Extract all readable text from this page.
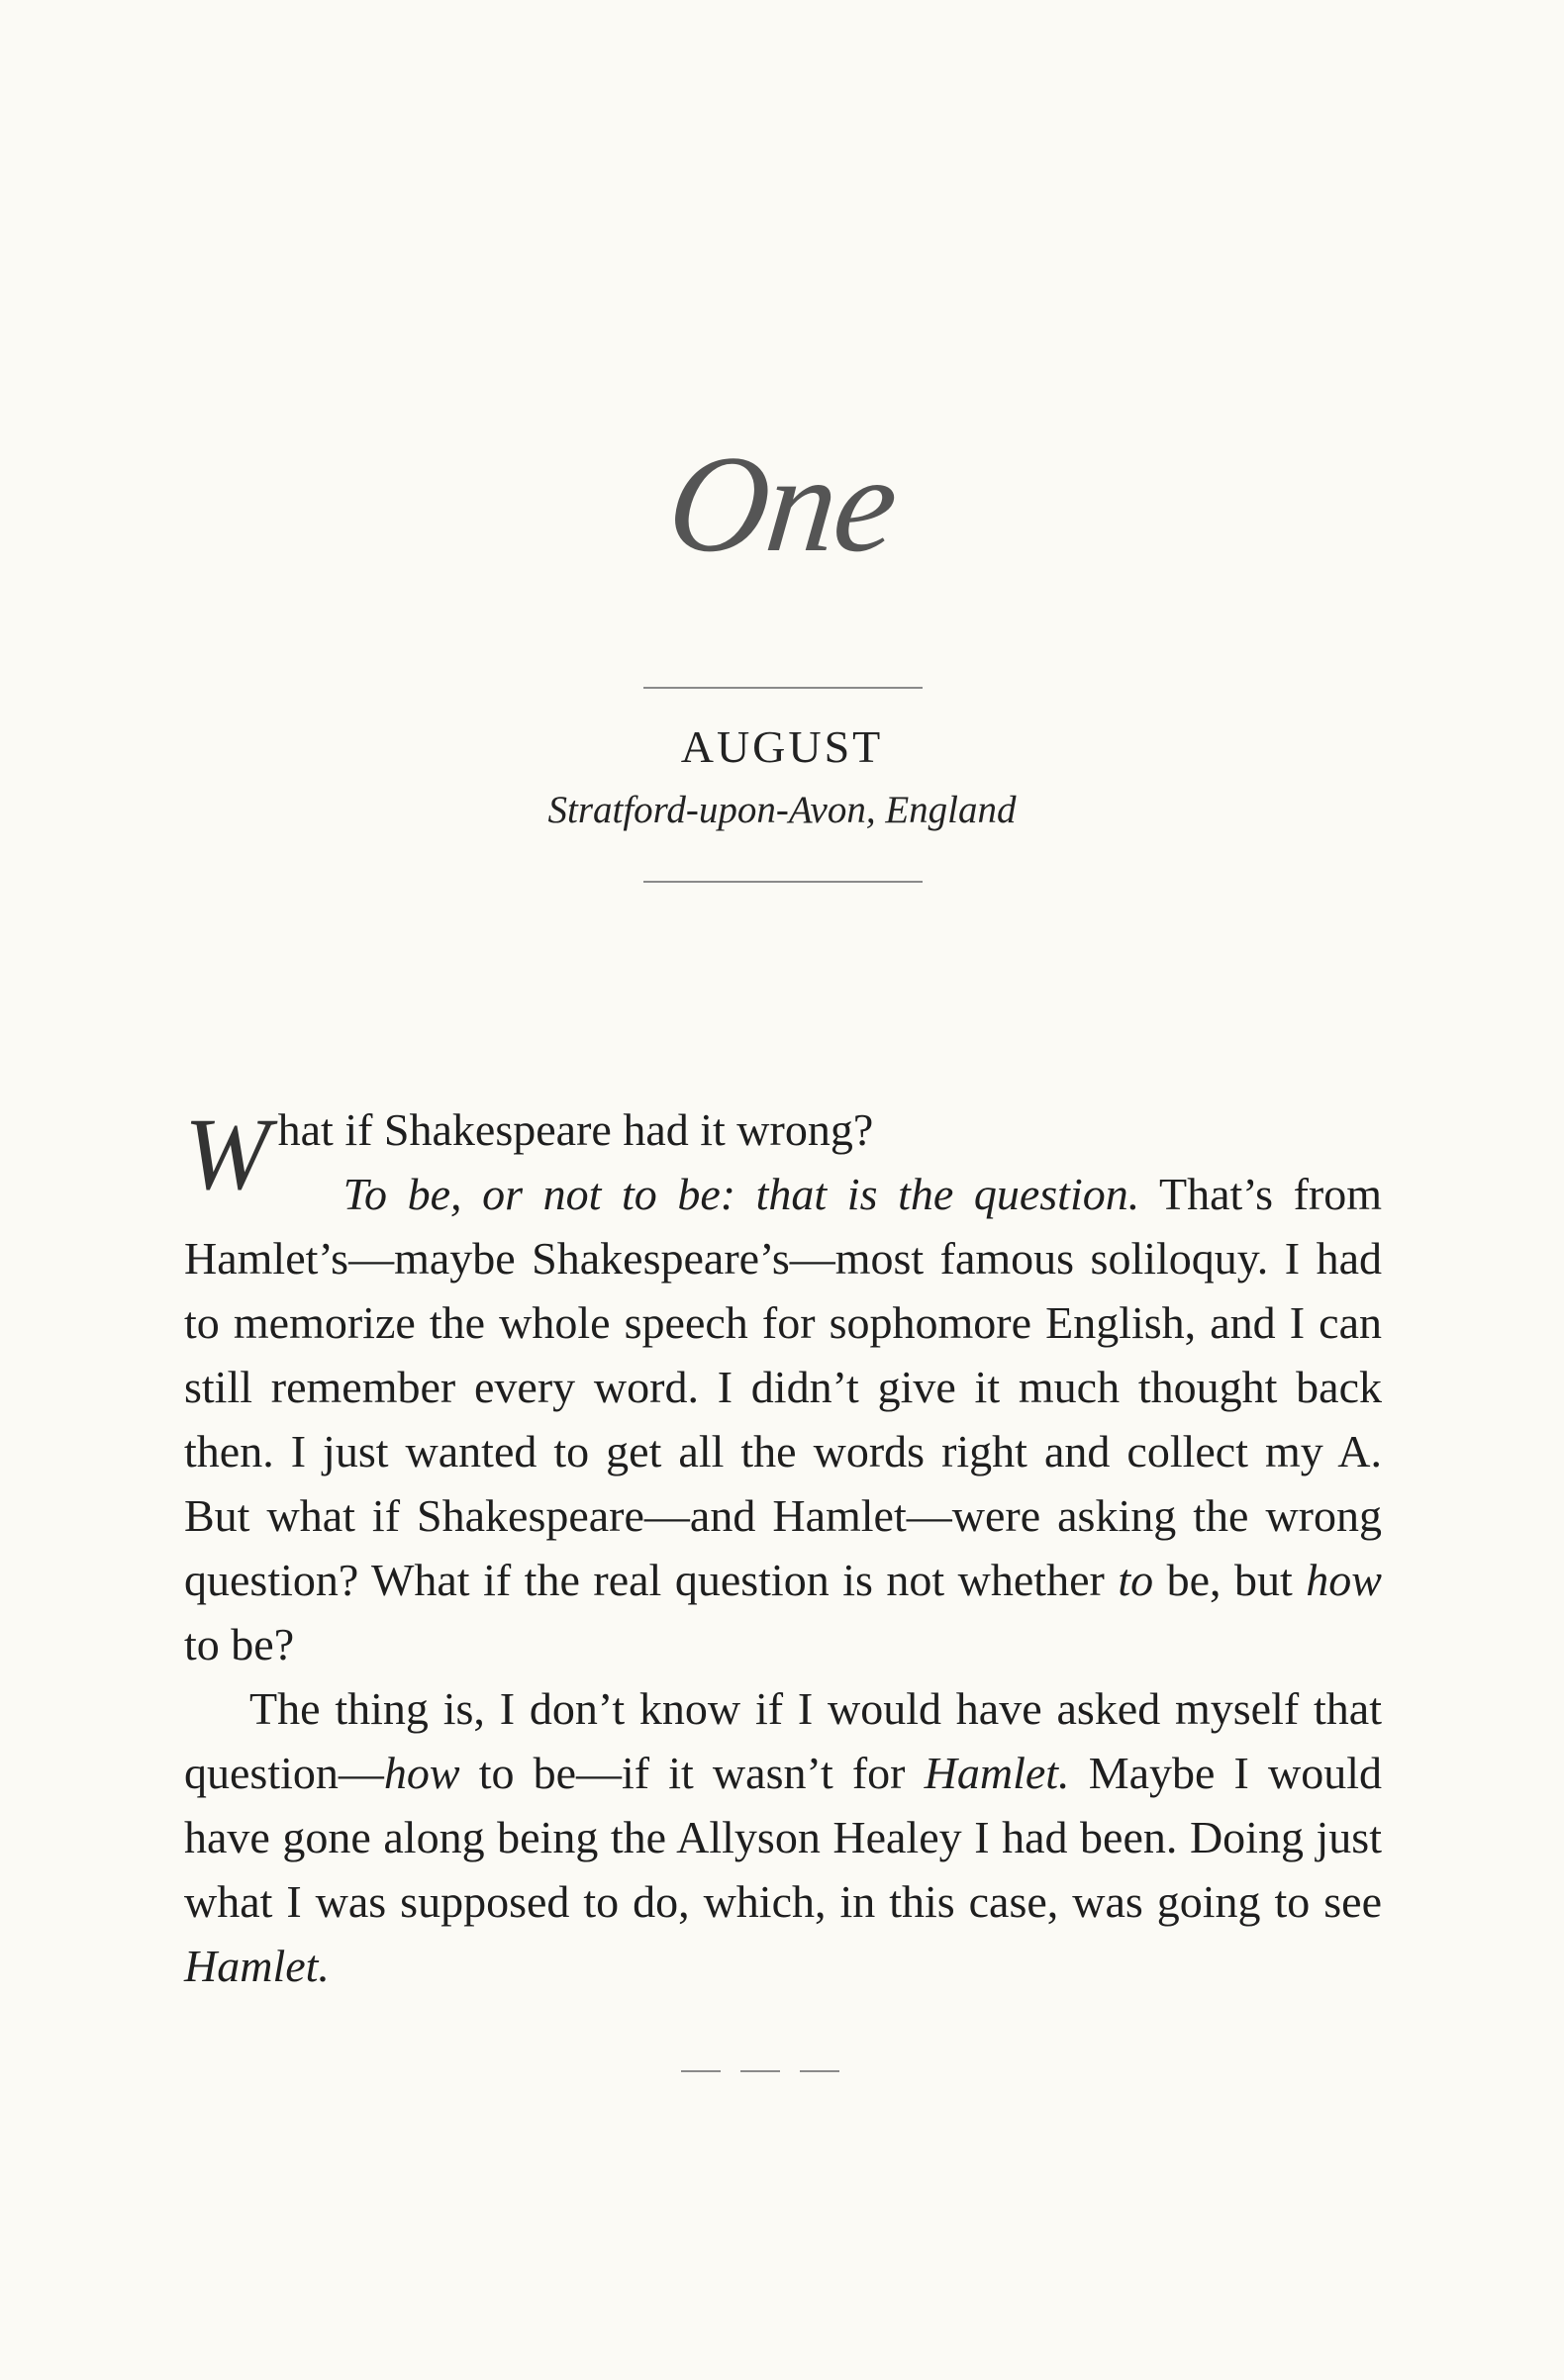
One
AUGUST
Stratford-upon-Avon, England

What if Shakespeare had it wrong?

To be, or not to be: that is the question. That’s from Hamlet’s—maybe Shakespeare’s—most famous soliloquy. I had to memorize the whole speech for sophomore English, and I can still remember every word. I didn’t give it much thought back then. I just wanted to get all the words right and collect my A. But what if Shakespeare—and Hamlet—were asking the wrong question? What if the real question is not whether to be, but how to be?

The thing is, I don’t know if I would have asked myself that question—how to be—if it wasn’t for Hamlet. Maybe I would have gone along being the Allyson Healey I had been. Doing just what I was supposed to do, which, in this case, was going to see Hamlet.
